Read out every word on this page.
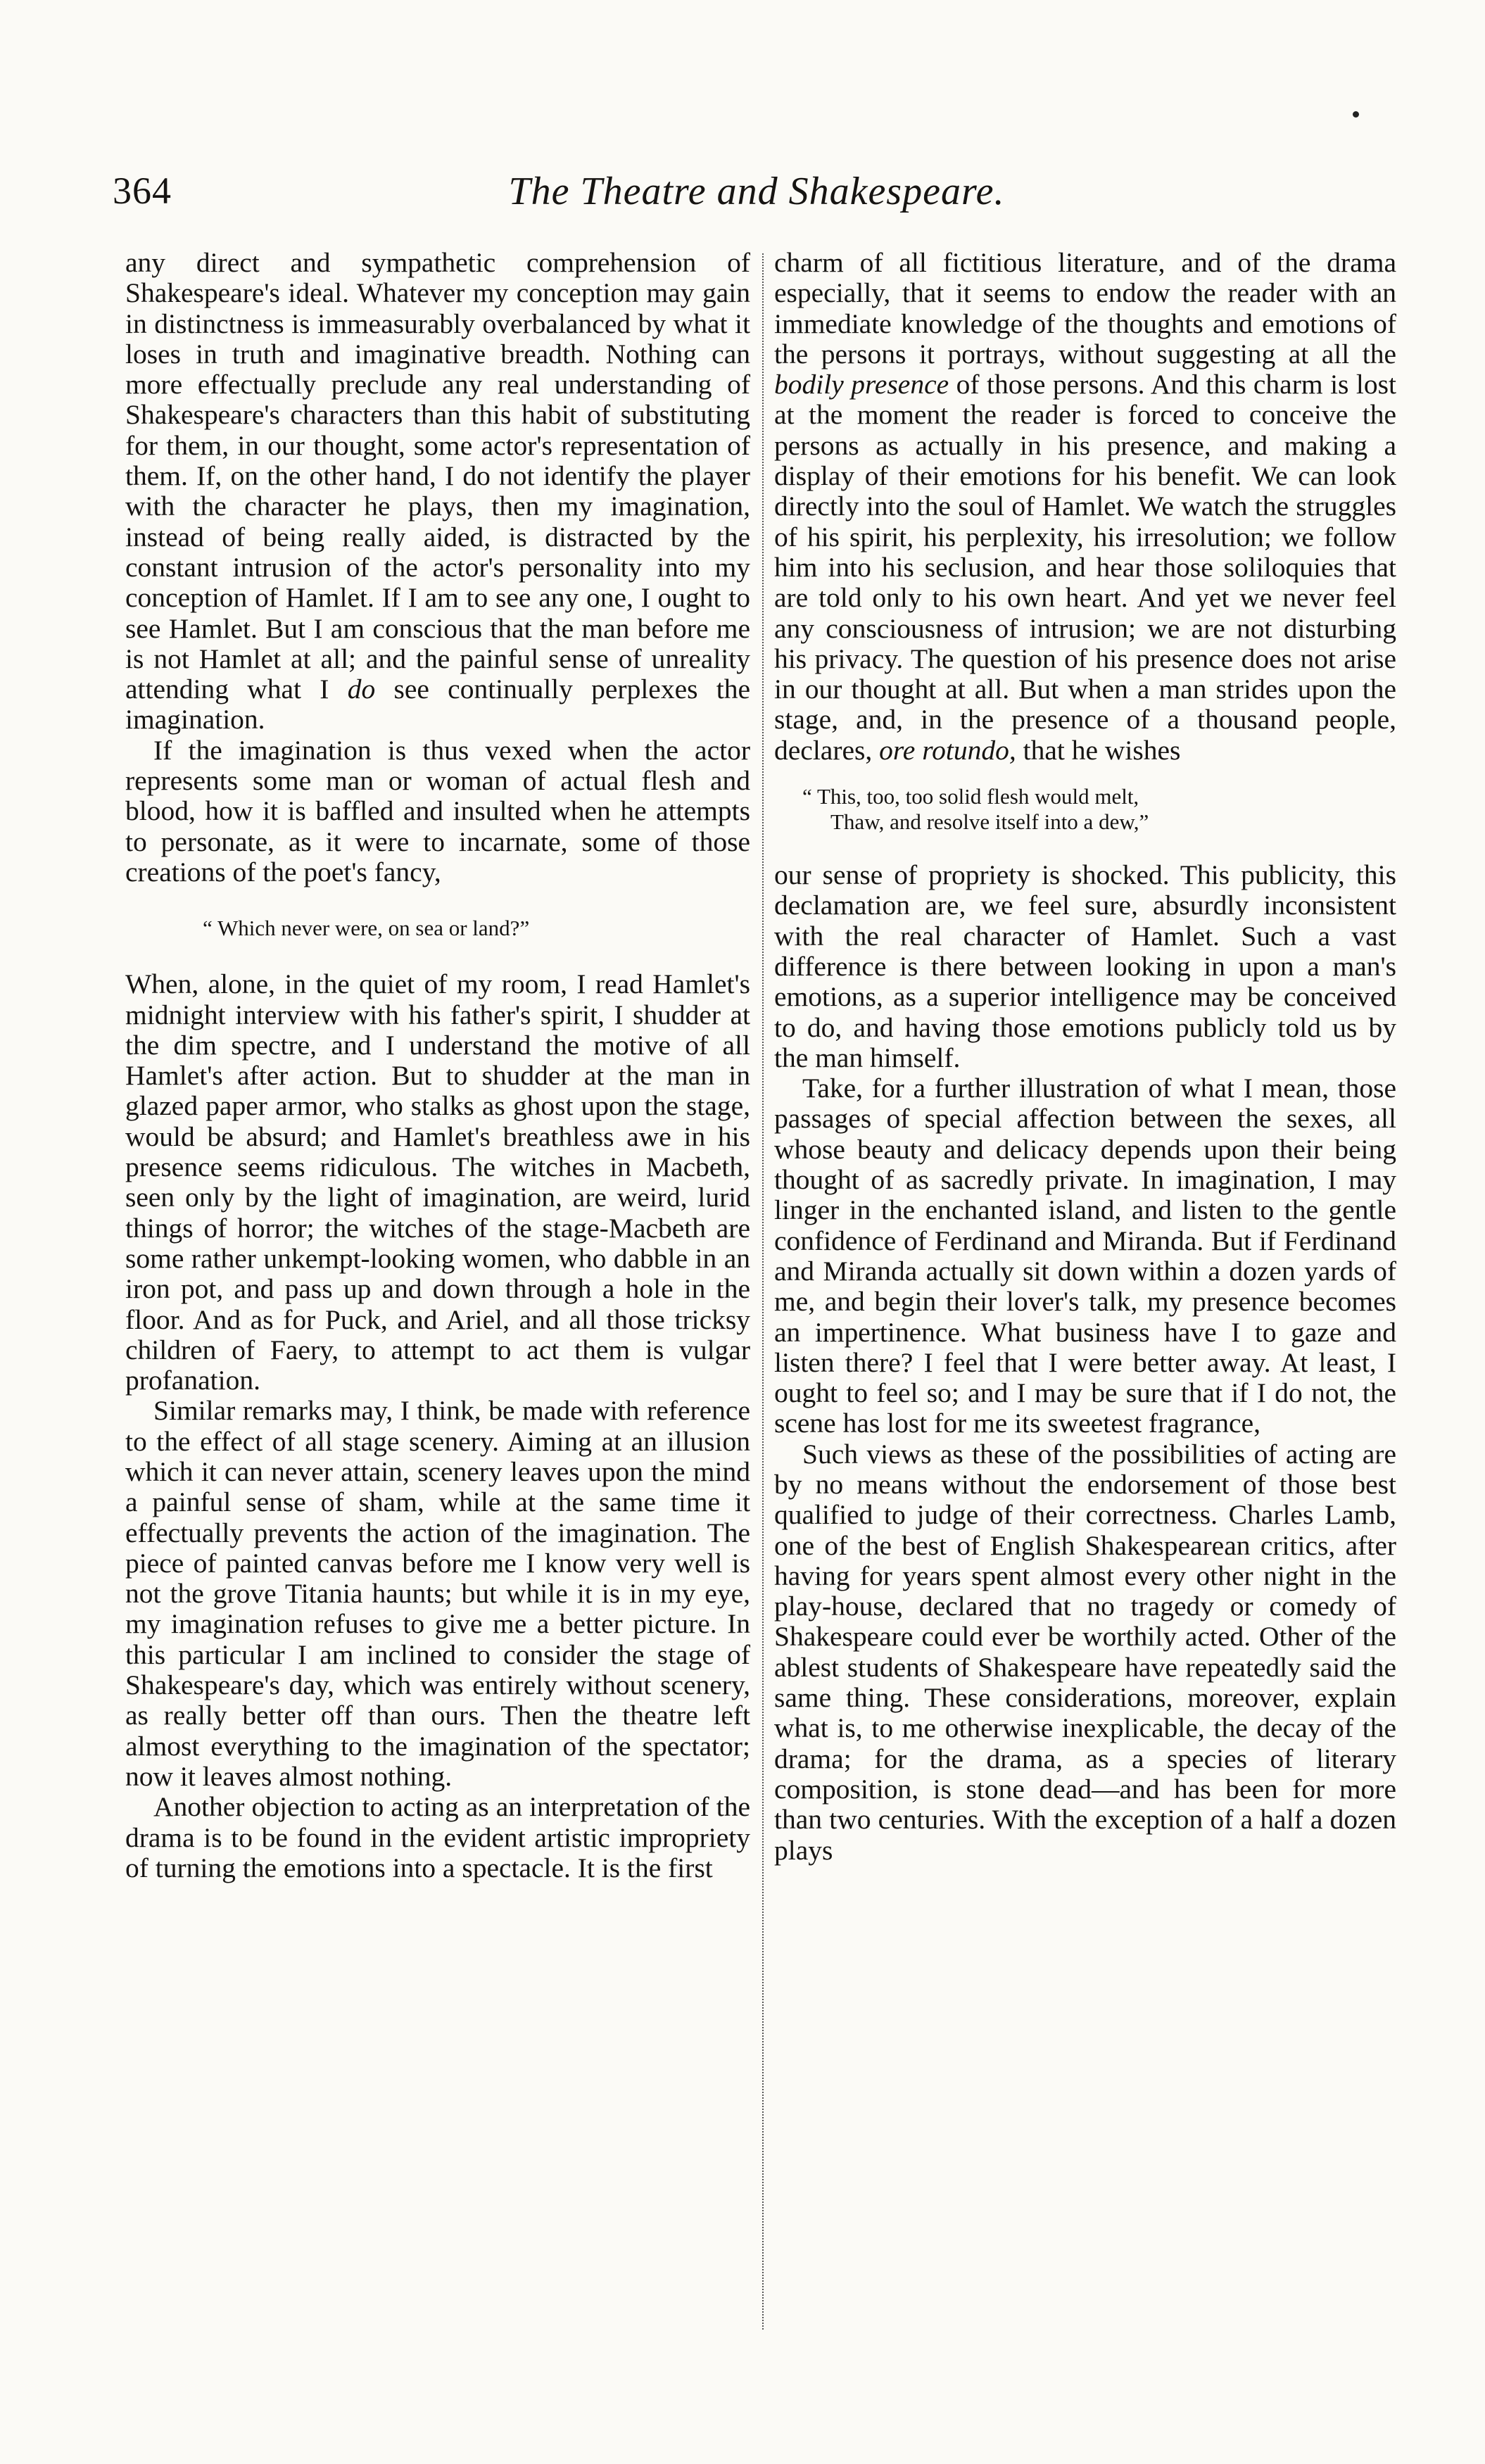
364	The Theatre and Shakespeare.

any direct and sympathetic comprehension of Shakespeare's ideal. Whatever my conception may gain in distinctness is immeasurably overbalanced by what it loses in truth and imaginative breadth. Nothing can more effectually preclude any real understanding of Shakespeare's characters than this habit of substituting for them, in our thought, some actor's representation of them. If, on the other hand, I do not identify the player with the character he plays, then my imagination, instead of being really aided, is distracted by the constant intrusion of the actor's personality into my conception of Hamlet. If I am to see any one, I ought to see Hamlet. But I am conscious that the man before me is not Hamlet at all; and the painful sense of unreality attending what I do see continually perplexes the imagination.

If the imagination is thus vexed when the actor represents some man or woman of actual flesh and blood, how it is baffled and insulted when he attempts to personate, as it were to incarnate, some of those creations of the poet's fancy,

“ Which never were, on sea or land?”

When, alone, in the quiet of my room, I read Hamlet's midnight interview with his father's spirit, I shudder at the dim spectre, and I understand the motive of all Hamlet's after action. But to shudder at the man in glazed paper armor, who stalks as ghost upon the stage, would be absurd; and Hamlet's breathless awe in his presence seems ridiculous. The witches in Macbeth, seen only by the light of imagination, are weird, lurid things of horror; the witches of the stage-Macbeth are some rather unkempt-looking women, who dabble in an iron pot, and pass up and down through a hole in the floor. And as for Puck, and Ariel, and all those tricksy children of Faery, to attempt to act them is vulgar profanation.

Similar remarks may, I think, be made with reference to the effect of all stage scenery. Aiming at an illusion which it can never attain, scenery leaves upon the mind a painful sense of sham, while at the same time it effectually prevents the action of the imagination. The piece of painted canvas before me I know very well is not the grove Titania haunts; but while it is in my eye, my imagination refuses to give me a better picture. In this particular I am inclined to consider the stage of Shakespeare's day, which was entirely without scenery, as really better off than ours. Then the theatre left almost everything to the imagination of the spectator; now it leaves almost nothing.

Another objection to acting as an interpretation of the drama is to be found in the evident artistic impropriety of turning the emotions into a spectacle. It is the first

charm of all fictitious literature, and of the drama especially, that it seems to endow the reader with an immediate knowledge of the thoughts and emotions of the persons it portrays, without suggesting at all the bodily presence of those persons. And this charm is lost at the moment the reader is forced to conceive the persons as actually in his presence, and making a display of their emotions for his benefit. We can look directly into the soul of Hamlet. We watch the struggles of his spirit, his perplexity, his irresolution; we follow him into his seclusion, and hear those soliloquies that are told only to his own heart. And yet we never feel any consciousness of intrusion; we are not disturbing his privacy. The question of his presence does not arise in our thought at all. But when a man strides upon the stage, and, in the presence of a thousand people, declares, ore rotundo, that he wishes

“ This, too, too solid flesh would melt,
Thaw, and resolve itself into a dew,”

our sense of propriety is shocked. This publicity, this declamation are, we feel sure, absurdly inconsistent with the real character of Hamlet. Such a vast difference is there between looking in upon a man's emotions, as a superior intelligence may be conceived to do, and having those emotions publicly told us by the man himself.

Take, for a further illustration of what I mean, those passages of special affection between the sexes, all whose beauty and delicacy depends upon their being thought of as sacredly private. In imagination, I may linger in the enchanted island, and listen to the gentle confidence of Ferdinand and Miranda. But if Ferdinand and Miranda actually sit down within a dozen yards of me, and begin their lover's talk, my presence becomes an impertinence. What business have I to gaze and listen there? I feel that I were better away. At least, I ought to feel so; and I may be sure that if I do not, the scene has lost for me its sweetest fragrance,

Such views as these of the possibilities of acting are by no means without the endorsement of those best qualified to judge of their correctness. Charles Lamb, one of the best of English Shakespearean critics, after having for years spent almost every other night in the play-house, declared that no tragedy or comedy of Shakespeare could ever be worthily acted. Other of the ablest students of Shakespeare have repeatedly said the same thing. These considerations, moreover, explain what is, to me otherwise inexplicable, the decay of the drama; for the drama, as a species of literary composition, is stone dead—and has been for more than two centuries. With the exception of a half a dozen plays
